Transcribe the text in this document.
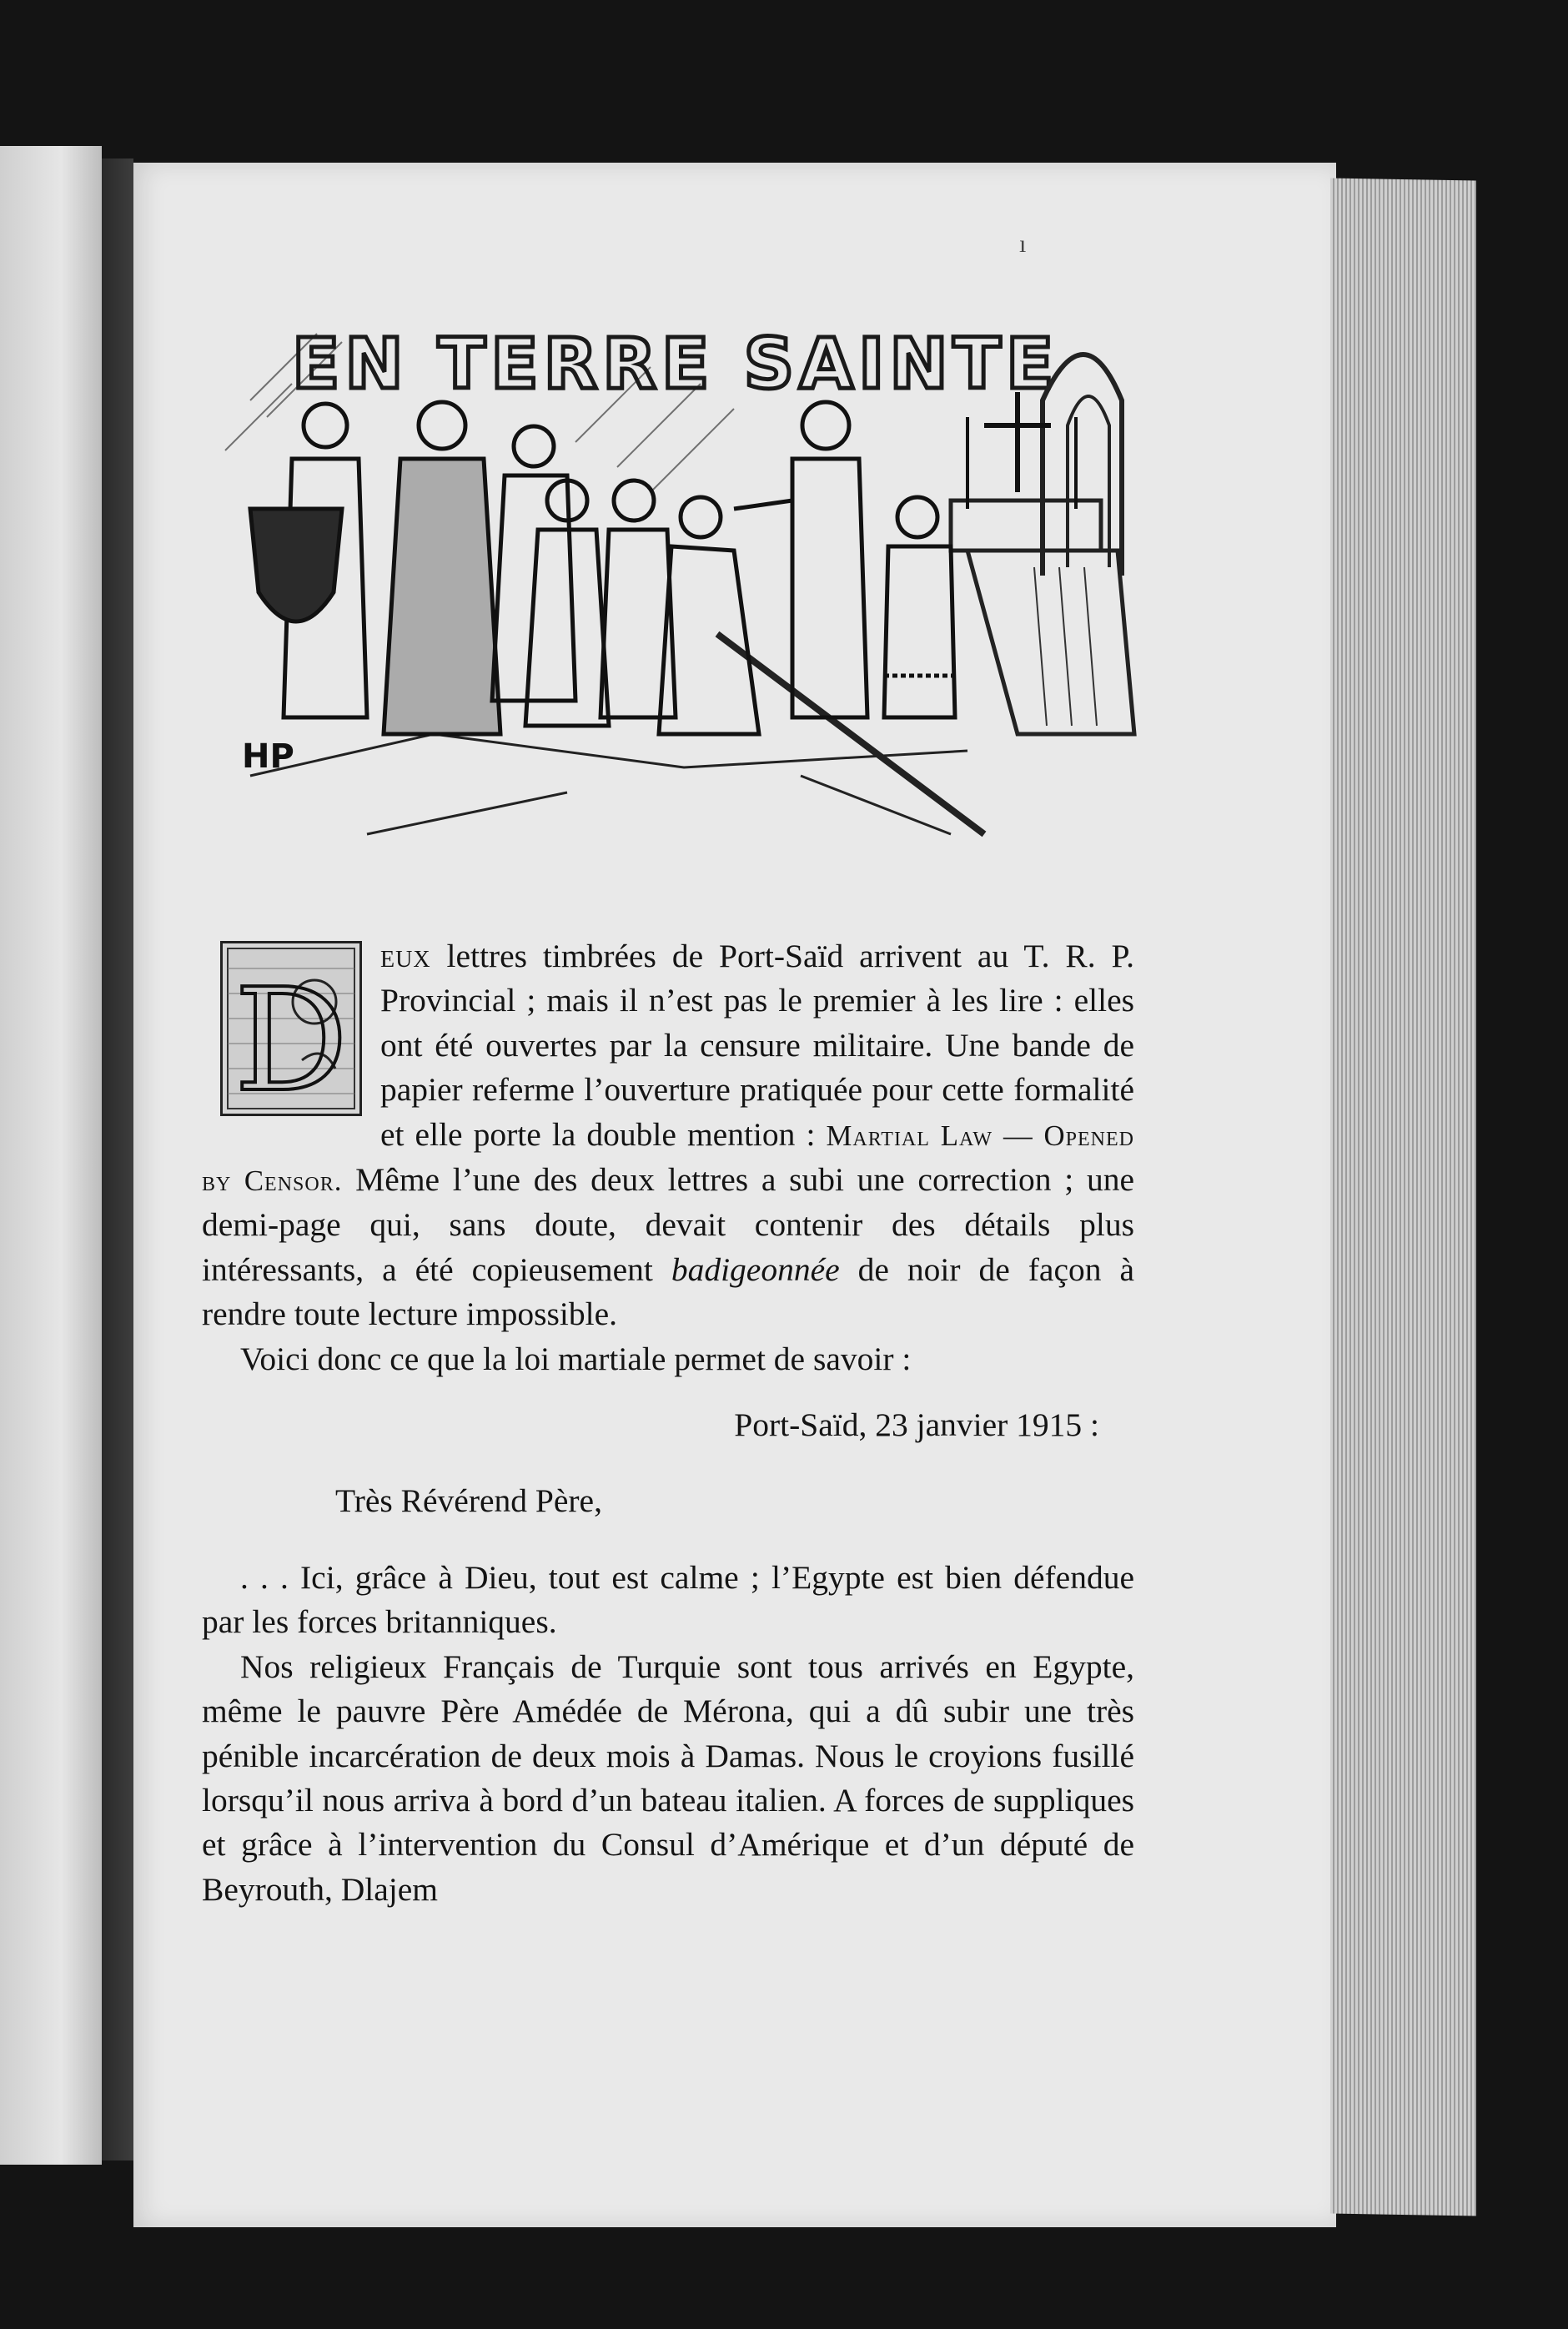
ı
EN TERRE SAINTE
HP

D
eux lettres timbrées de Port-Saïd arrivent au T. R. P. Provincial ; mais il n’est pas le premier à les lire : elles ont été ouvertes par la censure militaire. Une bande de papier referme l’ouverture pratiquée pour cette formalité et elle porte la double mention : Martial Law — Opened by Censor. Même l’une des deux lettres a subi une correction ; une demi-page qui, sans doute, devait contenir des détails plus intéressants, a été copieusement badigeonnée de noir de façon à rendre toute lecture impossible.

Voici donc ce que la loi martiale permet de savoir :

Port-Saïd, 23 janvier 1915 :

Très Révérend Père,

. . . Ici, grâce à Dieu, tout est calme ; l’Egypte est bien défendue par les forces britanniques.

Nos religieux Français de Turquie sont tous arrivés en Egypte, même le pauvre Père Amédée de Mérona, qui a dû subir une très pénible incarcération de deux mois à Damas. Nous le croyions fusillé lorsqu’il nous arriva à bord d’un bateau italien. A forces de suppliques et grâce à l’intervention du Consul d’Amérique et d’un député de Beyrouth, Dlajem
